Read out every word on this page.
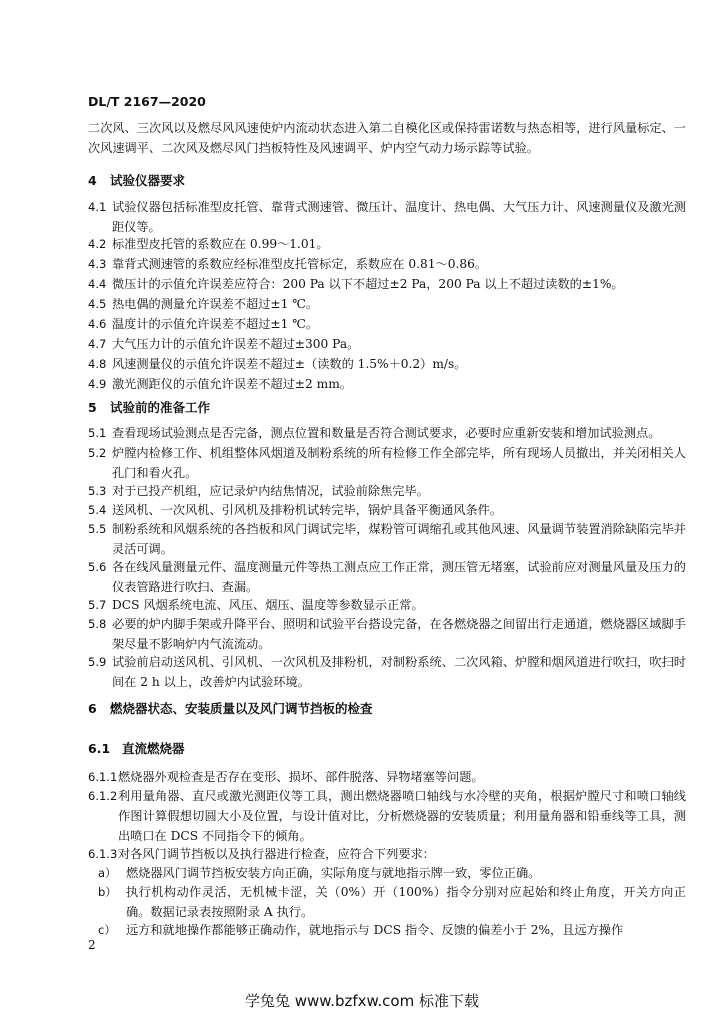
DL/T 2167—2020
二次风、三次风以及燃尽风风速使炉内流动状态进入第二自模化区或保持雷诺数与热态相等，进行风量标定、一次风速调平、二次风及燃尽风门挡板特性及风速调平、炉内空气动力场示踪等试验。
4 试验仪器要求
4.1 试验仪器包括标准型皮托管、靠背式测速管、微压计、温度计、热电偶、大气压力计、风速测量仪及激光测距仪等。
4.2 标准型皮托管的系数应在 0.99～1.01。
4.3 靠背式测速管的系数应经标准型皮托管标定，系数应在 0.81～0.86。
4.4 微压计的示值允许误差应符合：200 Pa 以下不超过±2 Pa，200 Pa 以上不超过读数的±1%。
4.5 热电偶的测量允许误差不超过±1 ℃。
4.6 温度计的示值允许误差不超过±1 ℃。
4.7 大气压力计的示值允许误差不超过±300 Pa。
4.8 风速测量仪的示值允许误差不超过±（读数的 1.5%＋0.2）m/s。
4.9 激光测距仪的示值允许误差不超过±2 mm。
5 试验前的准备工作
5.1 查看现场试验测点是否完备，测点位置和数量是否符合测试要求，必要时应重新安装和增加试验测点。
5.2 炉膛内检修工作、机组整体风烟道及制粉系统的所有检修工作全部完毕，所有现场人员撤出，并关闭相关人孔门和看火孔。
5.3 对于已投产机组，应记录炉内结焦情况，试验前除焦完毕。
5.4 送风机、一次风机、引风机及排粉机试转完毕，锅炉具备平衡通风条件。
5.5 制粉系统和风烟系统的各挡板和风门调试完毕，煤粉管可调缩孔或其他风速、风量调节装置消除缺陷完毕并灵活可调。
5.6 各在线风量测量元件、温度测量元件等热工测点应工作正常，测压管无堵塞，试验前应对测量风量及压力的仪表管路进行吹扫、查漏。
5.7 DCS 风烟系统电流、风压、烟压、温度等参数显示正常。
5.8 必要的炉内脚手架或升降平台、照明和试验平台搭设完备，在各燃烧器之间留出行走通道，燃烧器区域脚手架尽量不影响炉内气流流动。
5.9 试验前启动送风机、引风机、一次风机及排粉机，对制粉系统、二次风箱、炉膛和烟风道进行吹扫，吹扫时间在 2 h 以上，改善炉内试验环境。
6 燃烧器状态、安装质量以及风门调节挡板的检查
6.1 直流燃烧器
6.1.1 燃烧器外观检查是否存在变形、损坏、部件脱落、异物堵塞等问题。
6.1.2 利用量角器、直尺或激光测距仪等工具，测出燃烧器喷口轴线与水冷壁的夹角，根据炉膛尺寸和喷口轴线作图计算假想切圆大小及位置，与设计值对比，分析燃烧器的安装质量；利用量角器和铅垂线等工具，测出喷口在 DCS 不同指令下的倾角。
6.1.3 对各风门调节挡板以及执行器进行检查，应符合下列要求：
a） 燃烧器风门调节挡板安装方向正确，实际角度与就地指示牌一致，零位正确。
b） 执行机构动作灵活，无机械卡涩，关（0%）开（100%）指令分别对应起始和终止角度，开关方向正确。数据记录表按照附录 A 执行。
c） 远方和就地操作都能够正确动作，就地指示与 DCS 指令、反馈的偏差小于 2%，且远方操作
2
学兔兔 www.bzfxw.com 标准下载
